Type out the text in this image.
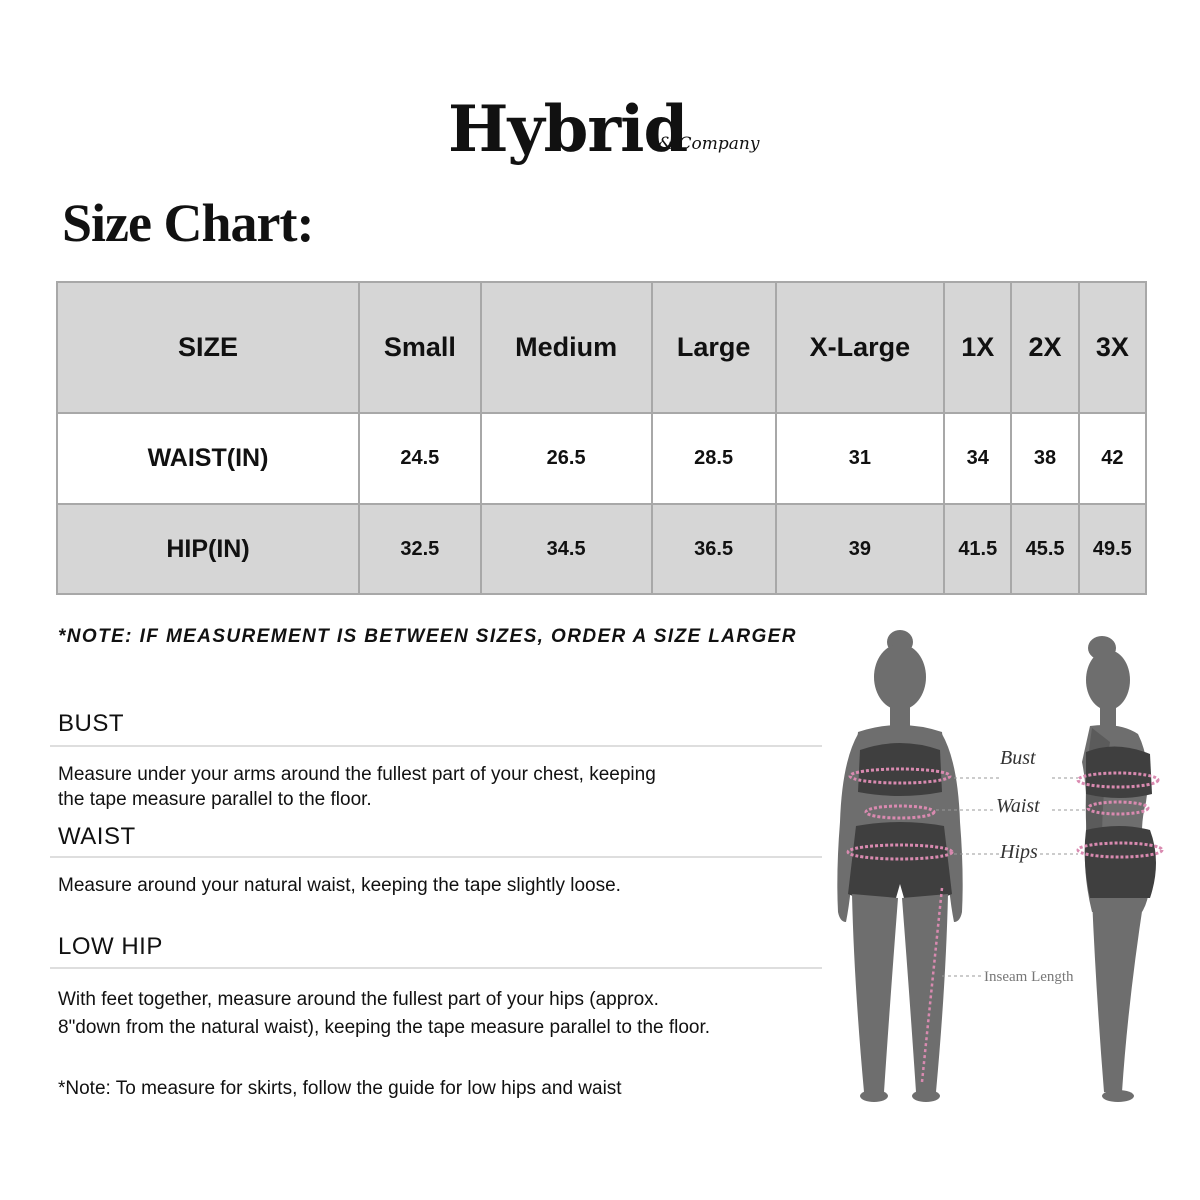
Hybrid
& Company
Size Chart:
SIZE	Small	Medium	Large	X-Large	1X	2X	3X
WAIST(IN)	24.5	26.5	28.5	31	34	38	42
HIP(IN)	32.5	34.5	36.5	39	41.5	45.5	49.5
*NOTE: IF MEASUREMENT IS BETWEEN SIZES, ORDER A SIZE LARGER
BUST
Measure under your arms around the fullest part of your chest, keeping
the tape measure parallel to the floor.
WAIST
Measure around your natural waist, keeping the tape slightly loose.
LOW HIP
With feet together, measure around the fullest part of your hips (approx.
8"down from the natural waist), keeping the tape measure parallel to the floor.
*Note: To measure for skirts, follow the guide for low hips and waist
Bust
Waist
Hips
Inseam Length
